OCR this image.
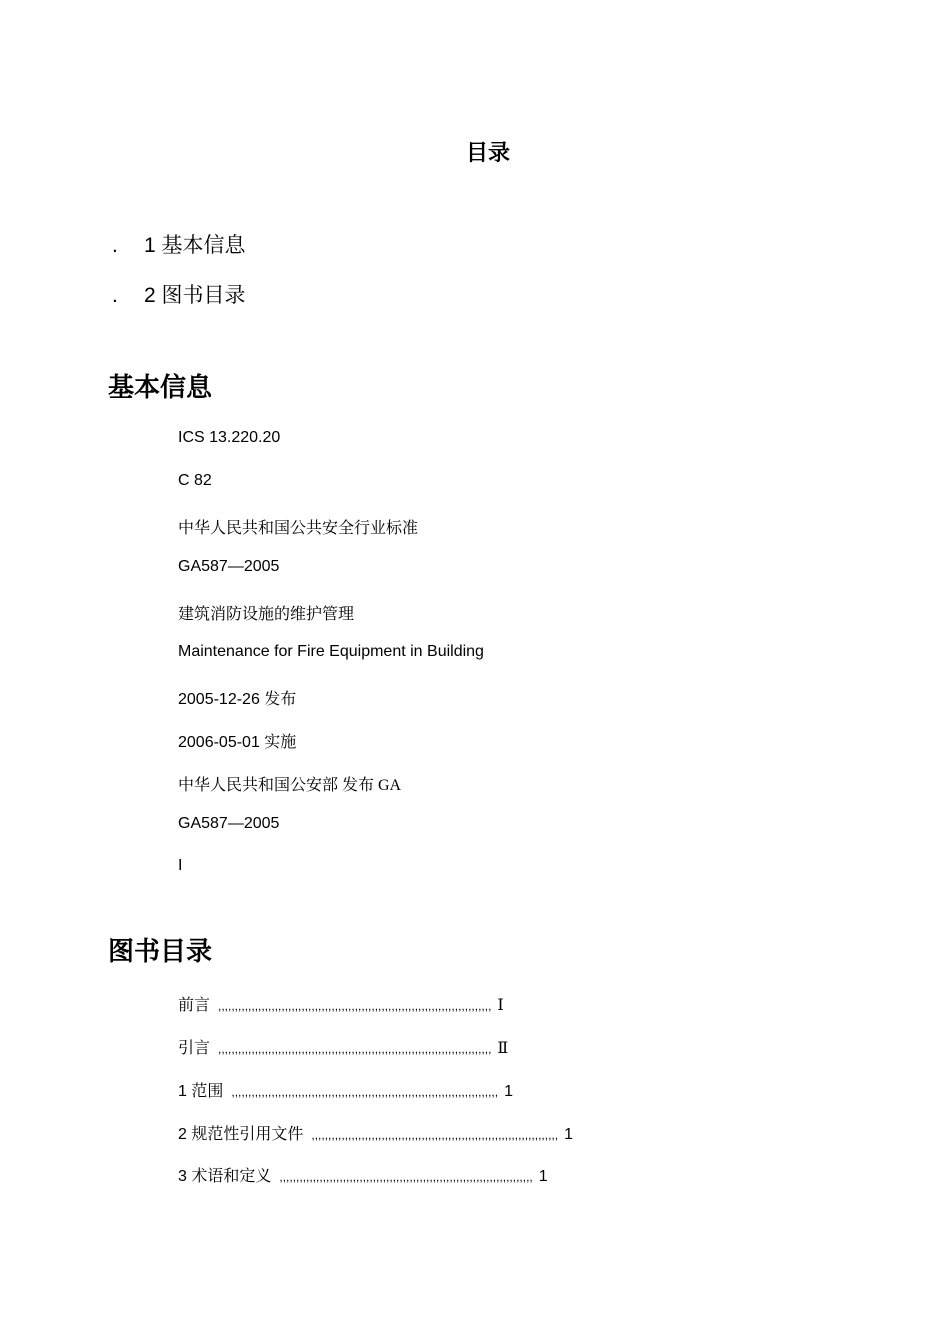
目录
. 1 基本信息
. 2 图书目录
基本信息
ICS 13.220.20
C 82
中华人民共和国公共安全行业标准
GA587—2005
建筑消防设施的维护管理
Maintenance for Fire Equipment in Building
2005-12-26 发布
2006-05-01 实施
中华人民共和国公安部 发布 GA
GA587—2005
I
图书目录
前言 ,,,,,,,,,,,,,,,,,,,,,,,,,,,,,,,,,,,,,,,,,,,,,,,,,,,,,,,,,,,,,,,,,,,,,,,,,,,,,,,,,, Ⅰ
引言 ,,,,,,,,,,,,,,,,,,,,,,,,,,,,,,,,,,,,,,,,,,,,,,,,,,,,,,,,,,,,,,,,,,,,,,,,,,,,,,,,,, Ⅱ
1 范围 ,,,,,,,,,,,,,,,,,,,,,,,,,,,,,,,,,,,,,,,,,,,,,,,,,,,,,,,,,,,,,,,,,,,,,,,,,,,,,,,, 1
2 规范性引用文件 ,,,,,,,,,,,,,,,,,,,,,,,,,,,,,,,,,,,,,,,,,,,,,,,,,,,,,,,,,,,,,,,,,,,,,,,,,, 1
3 术语和定义 ,,,,,,,,,,,,,,,,,,,,,,,,,,,,,,,,,,,,,,,,,,,,,,,,,,,,,,,,,,,,,,,,,,,,,,,,,,,, 1
